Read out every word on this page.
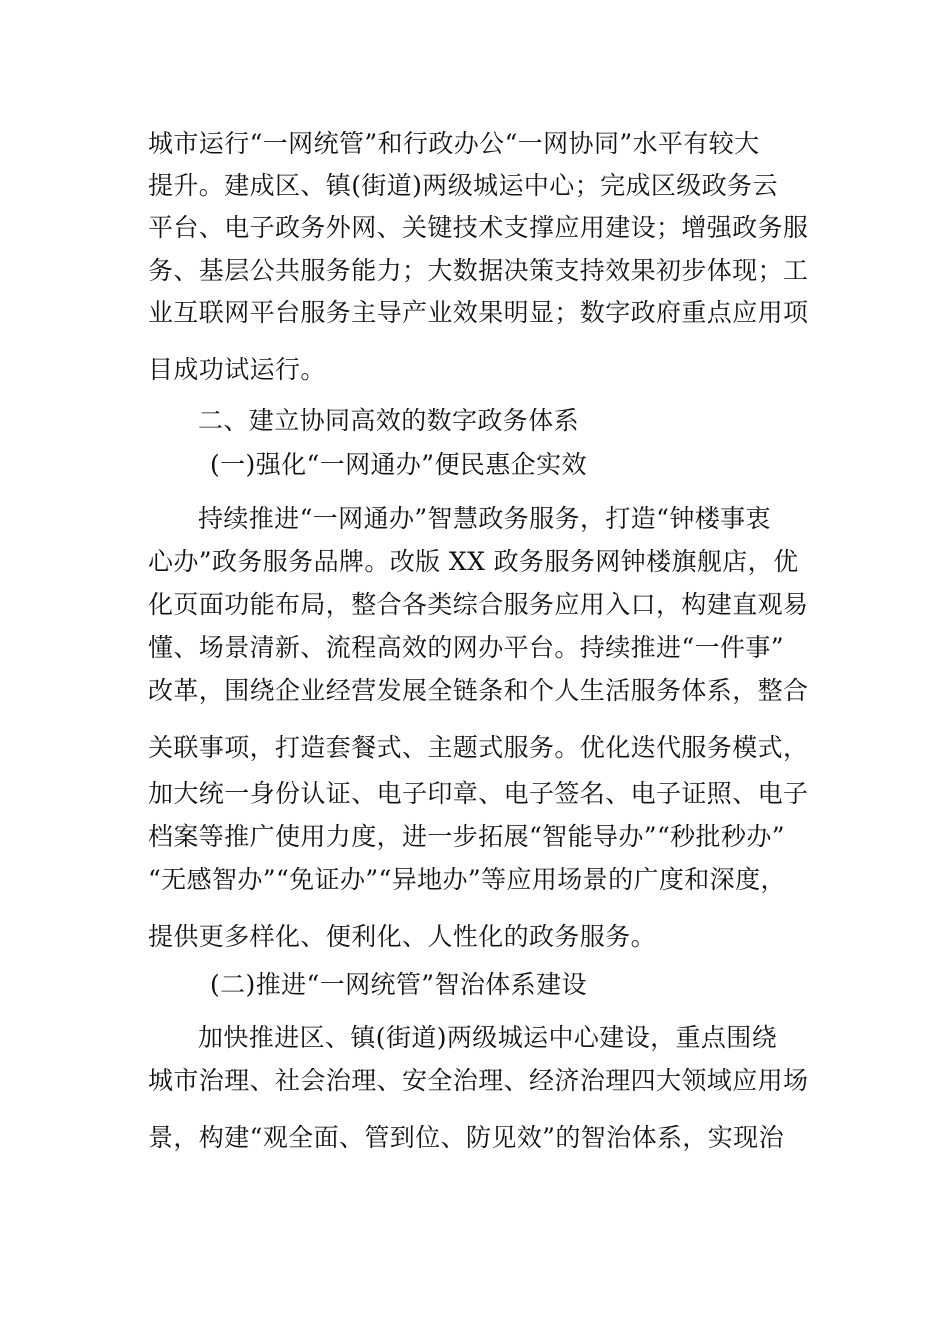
城市运行“一网统管”和行政办公“一网协同”水平有较大
提升。建成区、镇(街道)两级城运中心；完成区级政务云
平台、电子政务外网、关键技术支撑应用建设；增强政务服
务、基层公共服务能力；大数据决策支持效果初步体现；工
业互联网平台服务主导产业效果明显；数字政府重点应用项
目成功试运行。
二、建立协同高效的数字政务体系
(一)强化“一网通办”便民惠企实效
持续推进“一网通办”智慧政务服务，打造“钟楼事衷
心办”政务服务品牌。改版 XX 政务服务网钟楼旗舰店，优
化页面功能布局，整合各类综合服务应用入口，构建直观易
懂、场景清新、流程高效的网办平台。持续推进“一件事”
改革，围绕企业经营发展全链条和个人生活服务体系，整合
关联事项，打造套餐式、主题式服务。优化迭代服务模式，
加大统一身份认证、电子印章、电子签名、电子证照、电子
档案等推广使用力度，进一步拓展“智能导办”“秒批秒办”
“无感智办”“免证办”“异地办”等应用场景的广度和深度，
提供更多样化、便利化、人性化的政务服务。
(二)推进“一网统管”智治体系建设
加快推进区、镇(街道)两级城运中心建设，重点围绕
城市治理、社会治理、安全治理、经济治理四大领域应用场
景，构建“观全面、管到位、防见效”的智治体系，实现治
